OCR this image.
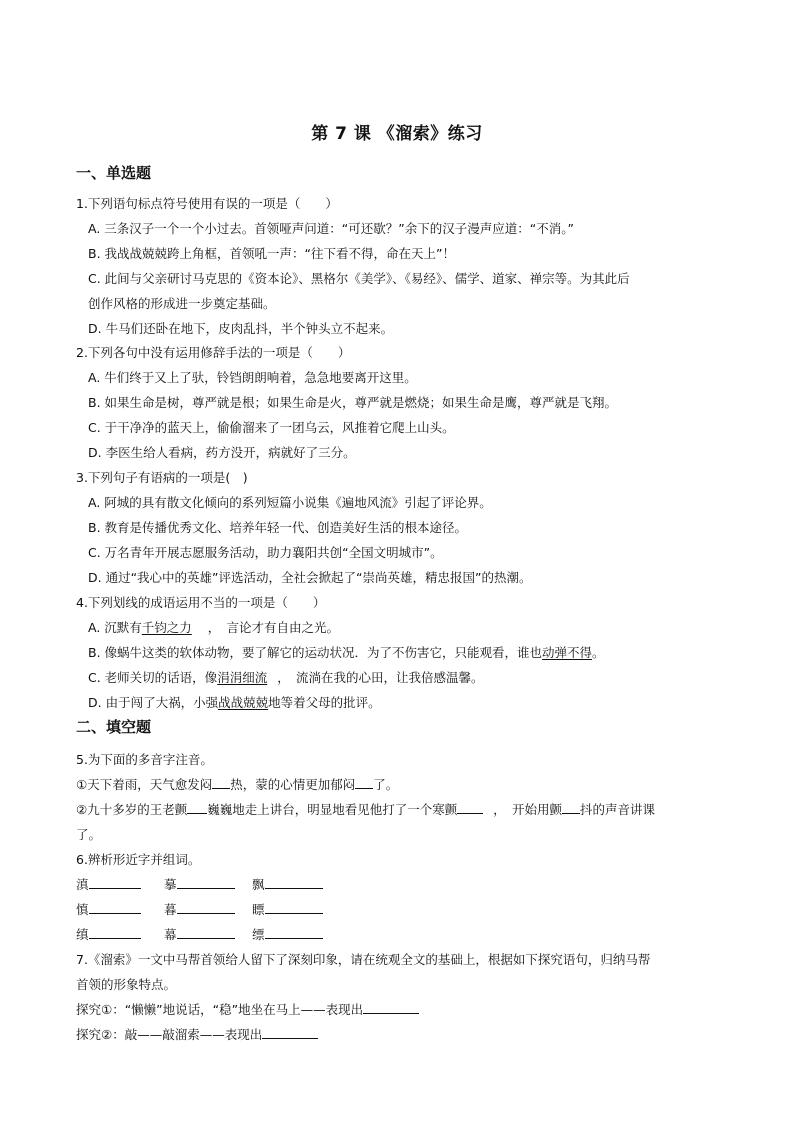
第 7 课 《溜索》练习
一、单选题
1.下列语句标点符号使用有误的一项是（　　）
A. 三条汉子一个一个小过去。首领哑声问道：“可还歇？”余下的汉子漫声应道：“不消。”
B. 我战战兢兢跨上角框，首领吼一声：“往下看不得，命在天上”！
C. 此间与父亲研讨马克思的《资本论》、黑格尔《美学》、《易经》、儒学、道家、禅宗等。为其此后
创作风格的形成进一步奠定基础。
D. 牛马们还卧在地下，皮肉乱抖，半个钟头立不起来。
2.下列各句中没有运用修辞手法的一项是（　　）
A. 牛们终于又上了驮，铃铛朗朗响着，急急地要离开这里。
B. 如果生命是树，尊严就是根；如果生命是火，尊严就是燃烧；如果生命是鹰，尊严就是飞翔。
C. 于干净净的蓝天上，偷偷溜来了一团乌云，风推着它爬上山头。
D. 李医生给人看病，药方没开，病就好了三分。
3.下列句子有语病的一项是(　)
A. 阿城的具有散文化倾向的系列短篇小说集《遍地风流》引起了评论界。
B. 教育是传播优秀文化、培养年轻一代、创造美好生活的根本途径。
C. 万名青年开展志愿服务活动，助力襄阳共创“全国文明城市”。
D. 通过“我心中的英雄”评选活动，全社会掀起了“崇尚英雄，精忠报国”的热潮。
4.下列划线的成语运用不当的一项是（　　）
A. 沉默有千钧之力 ，　言论才有自由之光。
B. 像蜗牛这类的软体动物，要了解它的运动状况．为了不伤害它，只能观看，谁也动弹不得。
C. 老师关切的话语，像涓涓细流 ，　流淌在我的心田，让我倍感温馨。
D. 由于闯了大祸，小强战战兢兢地等着父母的批评。
二、填空题
5.为下面的多音字注音。
①天下着雨，天气愈发闷 热，蒙的心情更加郁闷 了。
②九十多岁的王老颤 巍巍地走上讲台，明显地看见他打了一个寒颤	，　开始用颤 抖的声音讲课
了。
6.辨析形近字并组词。
滇	摹	飘
慎	暮	瞟
缜	幕	缥
7.《溜索》一文中马帮首领给人留下了深刻印象，请在统观全文的基础上，根据如下探究语句，归纳马帮
首领的形象特点。
探究①：“懒懒”地说话，“稳”地坐在马上——表现出
探究②：敲——敲溜索——表现出
